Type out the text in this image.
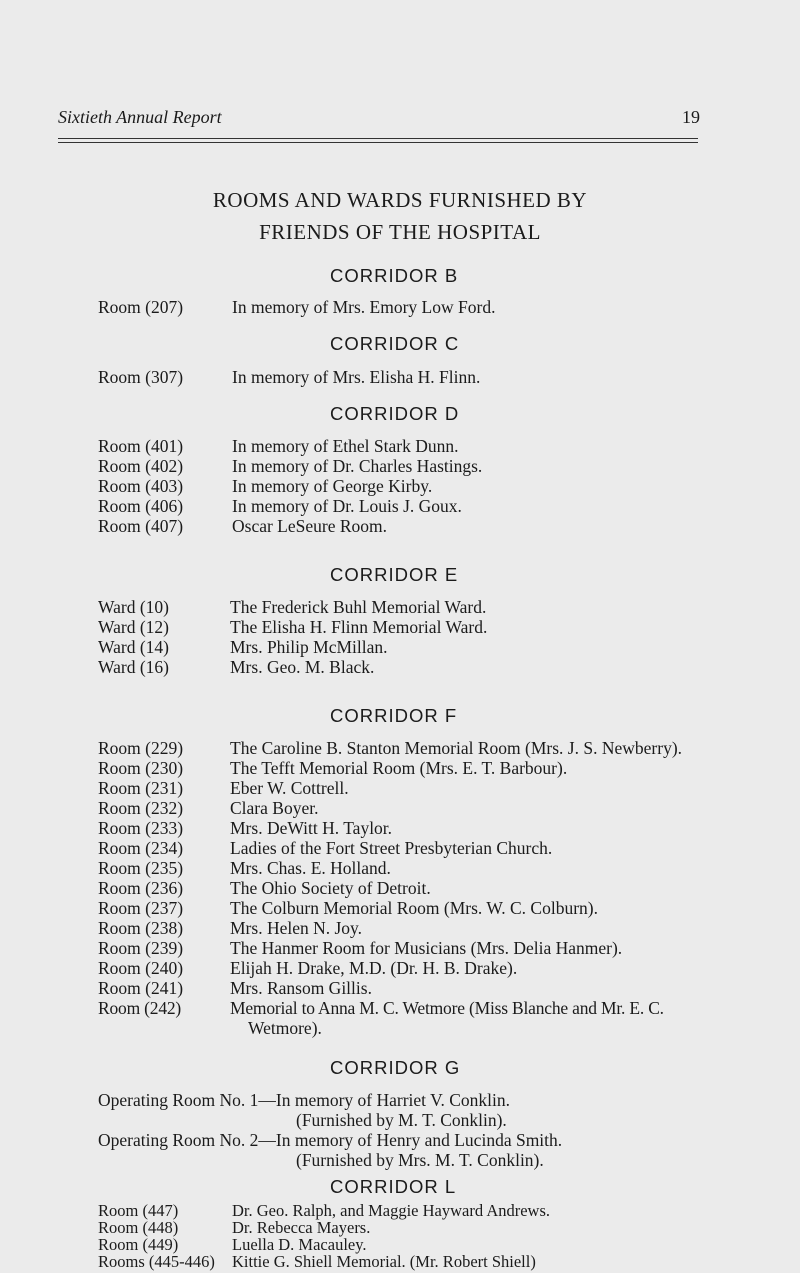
Sixtieth Annual Report	19
ROOMS AND WARDS FURNISHED BY
FRIENDS OF THE HOSPITAL
CORRIDOR B
Room (207)	In memory of Mrs. Emory Low Ford.
CORRIDOR C
Room (307)	In memory of Mrs. Elisha H. Flinn.
CORRIDOR D
Room (401)	In memory of Ethel Stark Dunn.
Room (402)	In memory of Dr. Charles Hastings.
Room (403)	In memory of George Kirby.
Room (406)	In memory of Dr. Louis J. Goux.
Room (407)	Oscar LeSeure Room.
CORRIDOR E
Ward (10)	The Frederick Buhl Memorial Ward.
Ward (12)	The Elisha H. Flinn Memorial Ward.
Ward (14)	Mrs. Philip McMillan.
Ward (16)	Mrs. Geo. M. Black.
CORRIDOR F
Room (229)	The Caroline B. Stanton Memorial Room (Mrs. J. S. Newberry).
Room (230)	The Tefft Memorial Room (Mrs. E. T. Barbour).
Room (231)	Eber W. Cottrell.
Room (232)	Clara Boyer.
Room (233)	Mrs. DeWitt H. Taylor.
Room (234)	Ladies of the Fort Street Presbyterian Church.
Room (235)	Mrs. Chas. E. Holland.
Room (236)	The Ohio Society of Detroit.
Room (237)	The Colburn Memorial Room (Mrs. W. C. Colburn).
Room (238)	Mrs. Helen N. Joy.
Room (239)	The Hanmer Room for Musicians (Mrs. Delia Hanmer).
Room (240)	Elijah H. Drake, M.D. (Dr. H. B. Drake).
Room (241)	Mrs. Ransom Gillis.
Room (242)	Memorial to Anna M. C. Wetmore (Miss Blanche and Mr. E. C.
Wetmore).
CORRIDOR G
Operating Room No. 1—In memory of Harriet V. Conklin.
(Furnished by M. T. Conklin).
Operating Room No. 2—In memory of Henry and Lucinda Smith.
(Furnished by Mrs. M. T. Conklin).
CORRIDOR L
Room (447)	Dr. Geo. Ralph, and Maggie Hayward Andrews.
Room (448)	Dr. Rebecca Mayers.
Room (449)	Luella D. Macauley.
Rooms (445-446) Kittie G. Shiell Memorial. (Mr. Robert Shiell)
